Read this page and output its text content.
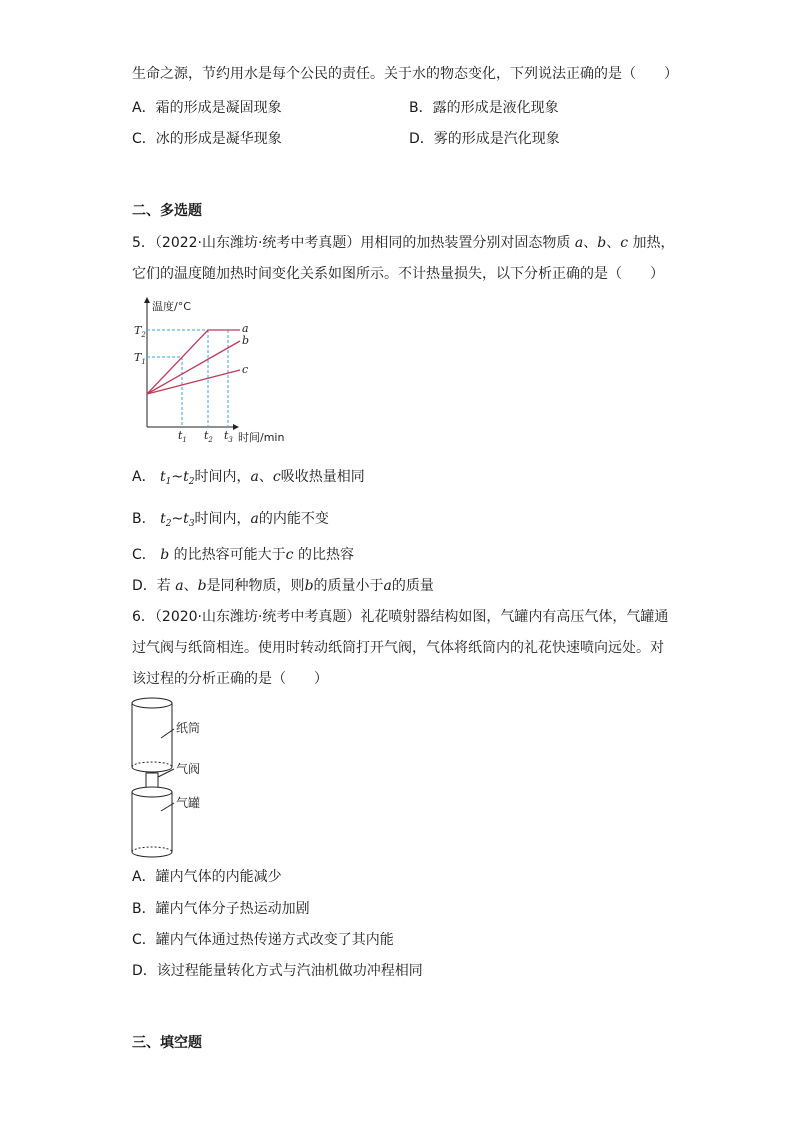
生命之源，节约用水是每个公民的责任。关于水的物态变化，下列说法正确的是（　　）
A．霜的形成是凝固现象	B．露的形成是液化现象
C．冰的形成是凝华现象	D．雾的形成是汽化现象
二、多选题
5．（2022·山东潍坊·统考中考真题）用相同的加热装置分别对固态物质 a、b、c 加热，
它们的温度随加热时间变化关系如图所示。不计热量损失，以下分析正确的是（　　）
温度/°C
时间/min
a
b
c
$T_2$
$T_1$
$t_1$ $t_2$ $t_3$
A． $t_1\sim t_2$时间内，a、c吸收热量相同
B． $t_2\sim t_3$时间内，a的内能不变
C． b 的比热容可能大于c 的比热容
D．若 a、b是同种物质，则b的质量小于a的质量
6．（2020·山东潍坊·统考中考真题）礼花喷射器结构如图，气罐内有高压气体，气罐通
过气阀与纸筒相连。使用时转动纸筒打开气阀，气体将纸筒内的礼花快速喷向远处。对
该过程的分析正确的是（　　）
纸筒
气阀
气罐
A．罐内气体的内能减少
B．罐内气体分子热运动加剧
C．罐内气体通过热传递方式改变了其内能
D．该过程能量转化方式与汽油机做功冲程相同
三、填空题
